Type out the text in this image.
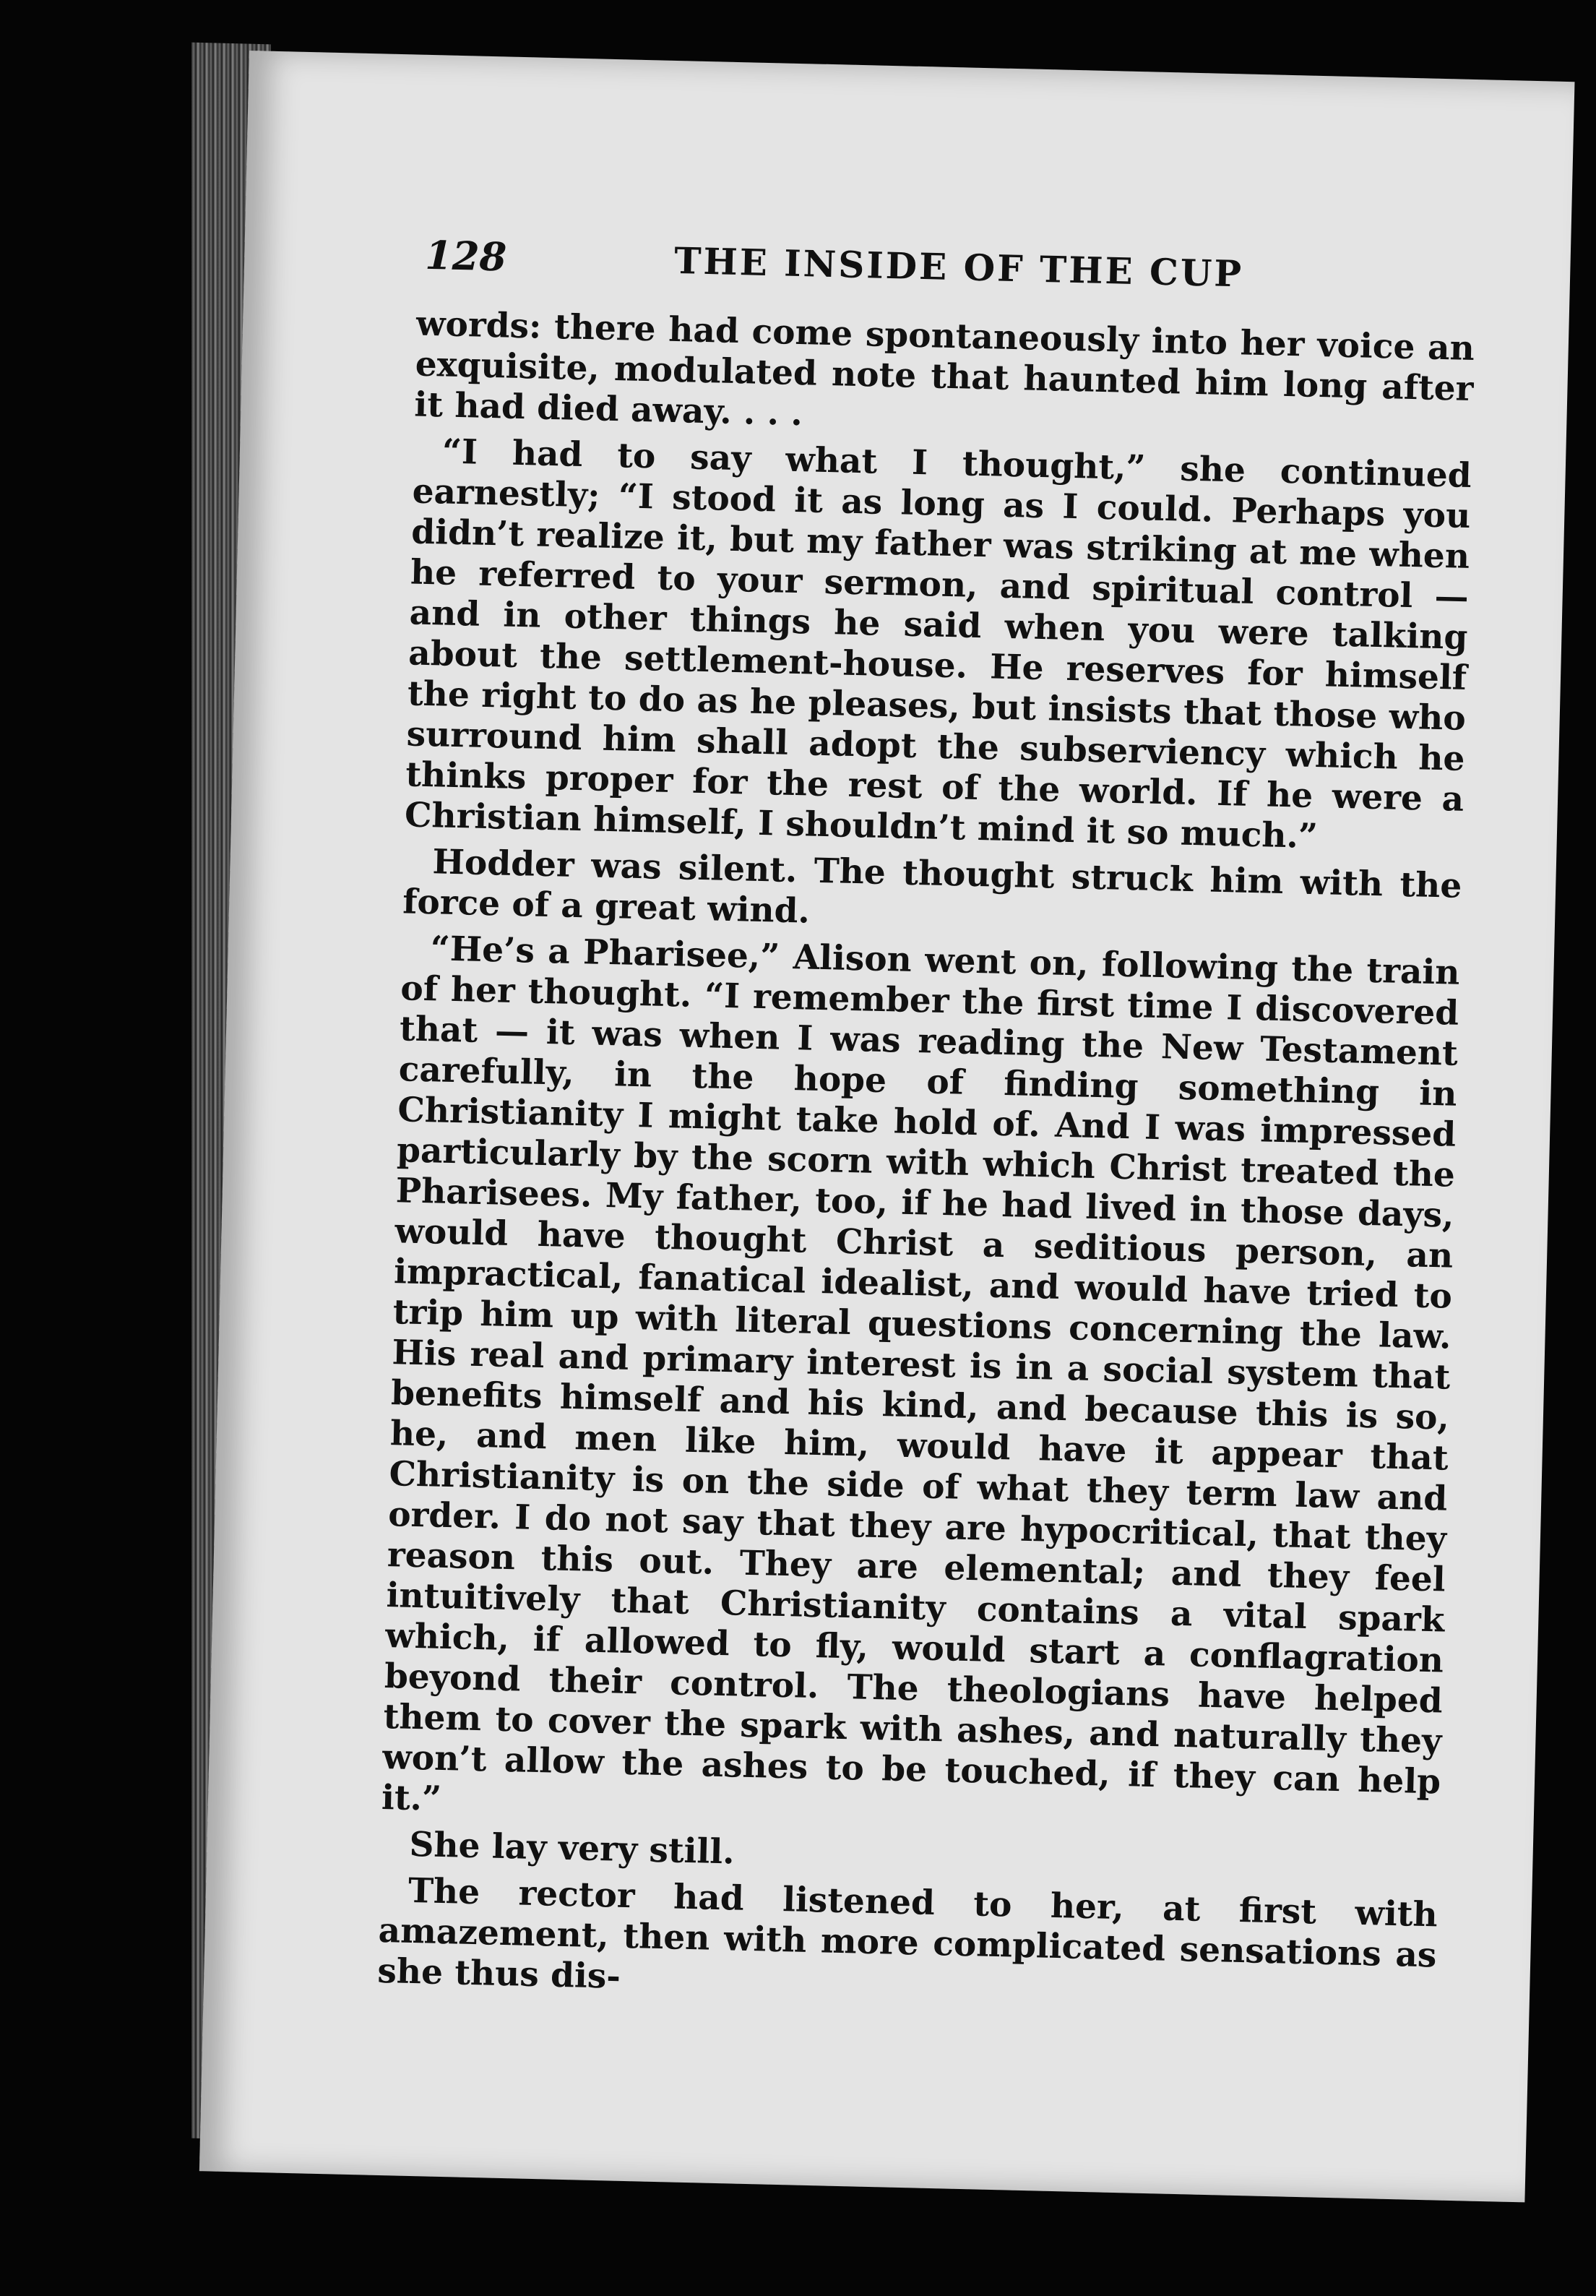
128	THE INSIDE OF THE CUP

words: there had come spontaneously into her voice an exquisite, modulated note that haunted him long after it had died away. . . .

“I had to say what I thought,” she continued earnestly; “I stood it as long as I could. Perhaps you didn’t realize it, but my father was striking at me when he referred to your sermon, and spiritual control — and in other things he said when you were talking about the settlement-house. He reserves for himself the right to do as he pleases, but insists that those who surround him shall adopt the subserviency which he thinks proper for the rest of the world. If he were a Christian himself, I shouldn’t mind it so much.”

Hodder was silent. The thought struck him with the force of a great wind.

“He’s a Pharisee,” Alison went on, following the train of her thought. “I remember the first time I discovered that — it was when I was reading the New Testament carefully, in the hope of finding something in Christianity I might take hold of. And I was impressed particularly by the scorn with which Christ treated the Pharisees. My father, too, if he had lived in those days, would have thought Christ a seditious person, an impractical, fanatical idealist, and would have tried to trip him up with literal questions concerning the law. His real and primary interest is in a social system that benefits himself and his kind, and because this is so, he, and men like him, would have it appear that Christianity is on the side of what they term law and order. I do not say that they are hypocritical, that they reason this out. They are elemental; and they feel intuitively that Christianity contains a vital spark which, if allowed to fly, would start a conflagration beyond their control. The theologians have helped them to cover the spark with ashes, and naturally they won’t allow the ashes to be touched, if they can help it.”

She lay very still.

The rector had listened to her, at first with amazement, then with more complicated sensations as she thus dis-
